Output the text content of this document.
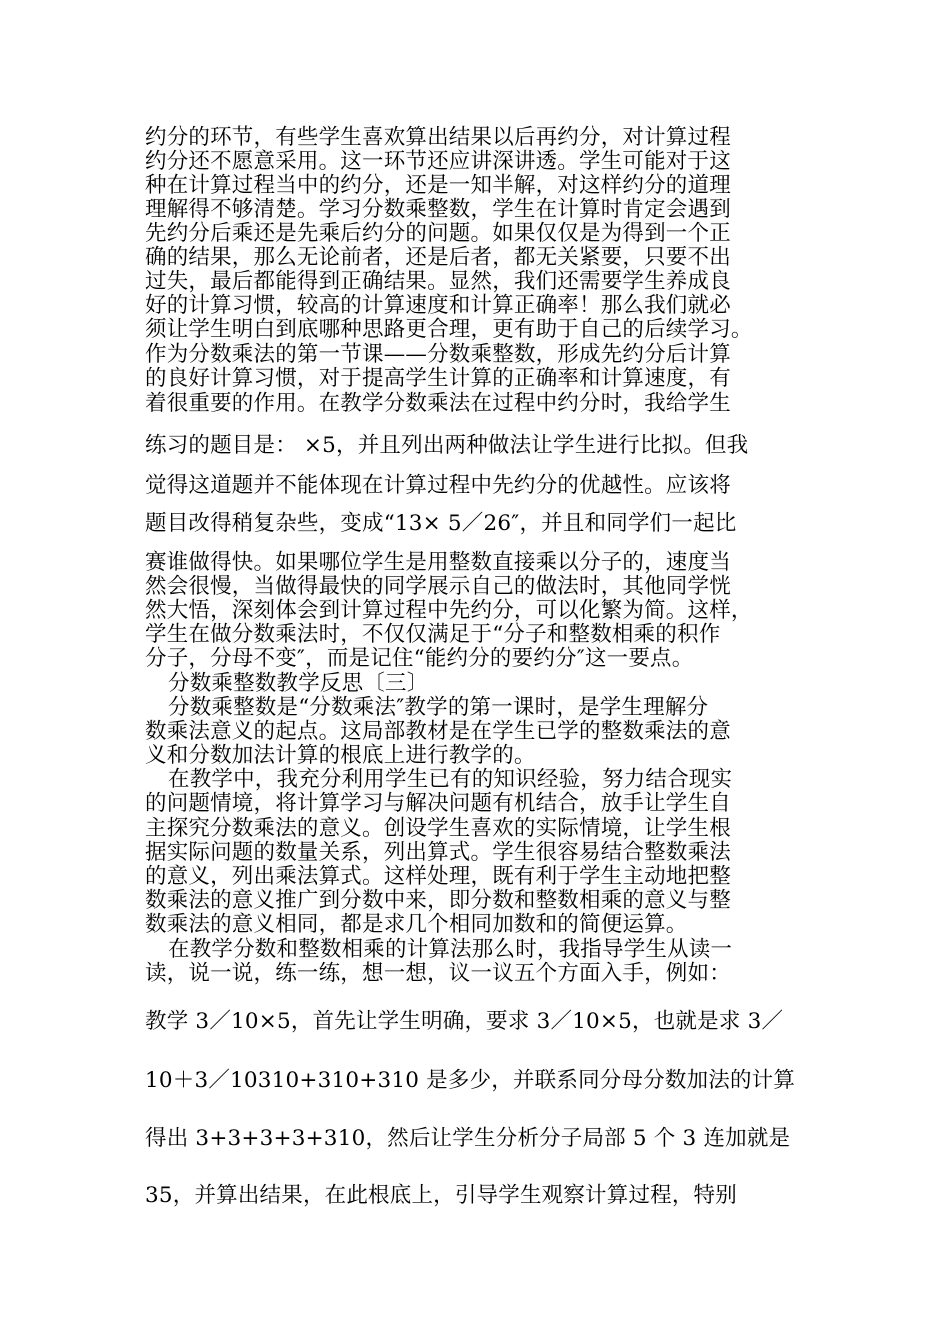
约分的环节，有些学生喜欢算出结果以后再约分，对计算过程
约分还不愿意采用。这一环节还应讲深讲透。学生可能对于这
种在计算过程当中的约分，还是一知半解，对这样约分的道理
理解得不够清楚。学习分数乘整数，学生在计算时肯定会遇到
先约分后乘还是先乘后约分的问题。如果仅仅是为得到一个正
确的结果，那么无论前者，还是后者，都无关紧要，只要不出
过失，最后都能得到正确结果。显然，我们还需要学生养成良
好的计算习惯，较高的计算速度和计算正确率！那么我们就必
须让学生明白到底哪种思路更合理，更有助于自己的后续学习。
作为分数乘法的第一节课——分数乘整数，形成先约分后计算
的良好计算习惯，对于提高学生计算的正确率和计算速度，有
着很重要的作用。在教学分数乘法在过程中约分时，我给学生
练习的题目是： ×5，并且列出两种做法让学生进行比拟。但我
觉得这道题并不能体现在计算过程中先约分的优越性。应该将
题目改得稍复杂些，变成“13× 5／26″，并且和同学们一起比
赛谁做得快。如果哪位学生是用整数直接乘以分子的，速度当
然会很慢，当做得最快的同学展示自己的做法时，其他同学恍
然大悟，深刻体会到计算过程中先约分，可以化繁为简。这样，
学生在做分数乘法时，不仅仅满足于“分子和整数相乘的积作
分子，分母不变″，而是记住“能约分的要约分″这一要点。
分数乘整数教学反思〔三〕
分数乘整数是“分数乘法″教学的第一课时，是学生理解分
数乘法意义的起点。这局部教材是在学生已学的整数乘法的意
义和分数加法计算的根底上进行教学的。
在教学中，我充分利用学生已有的知识经验，努力结合现实
的问题情境，将计算学习与解决问题有机结合，放手让学生自
主探究分数乘法的意义。创设学生喜欢的实际情境，让学生根
据实际问题的数量关系，列出算式。学生很容易结合整数乘法
的意义，列出乘法算式。这样处理，既有利于学生主动地把整
数乘法的意义推广到分数中来，即分数和整数相乘的意义与整
数乘法的意义相同，都是求几个相同加数和的简便运算。
在教学分数和整数相乘的计算法那么时，我指导学生从读一
读，说一说，练一练，想一想，议一议五个方面入手，例如：
教学 3／10×5，首先让学生明确，要求 3／10×5，也就是求 3／
10＋3／10310+310+310 是多少，并联系同分母分数加法的计算
得出 3+3+3+3+310，然后让学生分析分子局部 5 个 3 连加就是
35，并算出结果，在此根底上，引导学生观察计算过程，特别
